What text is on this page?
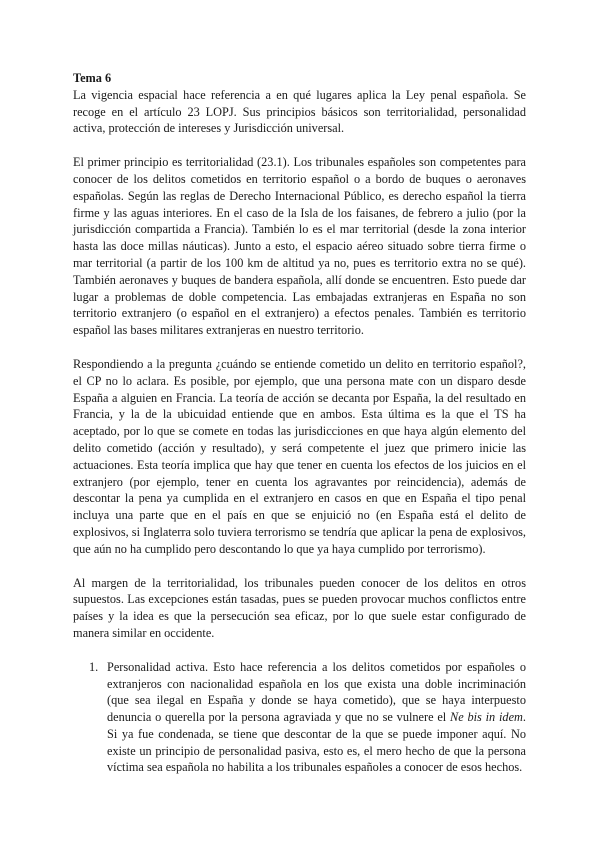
Tema 6

La vigencia espacial hace referencia a en qué lugares aplica la Ley penal española. Se recoge en el artículo 23 LOPJ. Sus principios básicos son territorialidad, personalidad activa, protección de intereses y Jurisdicción universal.

El primer principio es territorialidad (23.1). Los tribunales españoles son competentes para conocer de los delitos cometidos en territorio español o a bordo de buques o aeronaves españolas. Según las reglas de Derecho Internacional Público, es derecho español la tierra firme y las aguas interiores. En el caso de la Isla de los faisanes, de febrero a julio (por la jurisdicción compartida a Francia). También lo es el mar territorial (desde la zona interior hasta las doce millas náuticas). Junto a esto, el espacio aéreo situado sobre tierra firme o mar territorial (a partir de los 100 km de altitud ya no, pues es territorio extra no se qué). También aeronaves y buques de bandera española, allí donde se encuentren. Esto puede dar lugar a problemas de doble competencia. Las embajadas extranjeras en España no son territorio extranjero (o español en el extranjero) a efectos penales. También es territorio español las bases militares extranjeras en nuestro territorio.

Respondiendo a la pregunta ¿cuándo se entiende cometido un delito en territorio español?, el CP no lo aclara. Es posible, por ejemplo, que una persona mate con un disparo desde España a alguien en Francia. La teoría de acción se decanta por España, la del resultado en Francia, y la de la ubicuidad entiende que en ambos. Esta última es la que el TS ha aceptado, por lo que se comete en todas las jurisdicciones en que haya algún elemento del delito cometido (acción y resultado), y será competente el juez que primero inicie las actuaciones. Esta teoría implica que hay que tener en cuenta los efectos de los juicios en el extranjero (por ejemplo, tener en cuenta los agravantes por reincidencia), además de descontar la pena ya cumplida en el extranjero en casos en que en España el tipo penal incluya una parte que en el país en que se enjuició no (en España está el delito de explosivos, si Inglaterra solo tuviera terrorismo se tendría que aplicar la pena de explosivos, que aún no ha cumplido pero descontando lo que ya haya cumplido por terrorismo).

Al margen de la territorialidad, los tribunales pueden conocer de los delitos en otros supuestos. Las excepciones están tasadas, pues se pueden provocar muchos conflictos entre países y la idea es que la persecución sea eficaz, por lo que suele estar configurado de manera similar en occidente.

1. Personalidad activa. Esto hace referencia a los delitos cometidos por españoles o extranjeros con nacionalidad española en los que exista una doble incriminación (que sea ilegal en España y donde se haya cometido), que se haya interpuesto denuncia o querella por la persona agraviada y que no se vulnere el Ne bis in idem. Si ya fue condenada, se tiene que descontar de la que se puede imponer aquí. No existe un principio de personalidad pasiva, esto es, el mero hecho de que la persona víctima sea española no habilita a los tribunales españoles a conocer de esos hechos.
